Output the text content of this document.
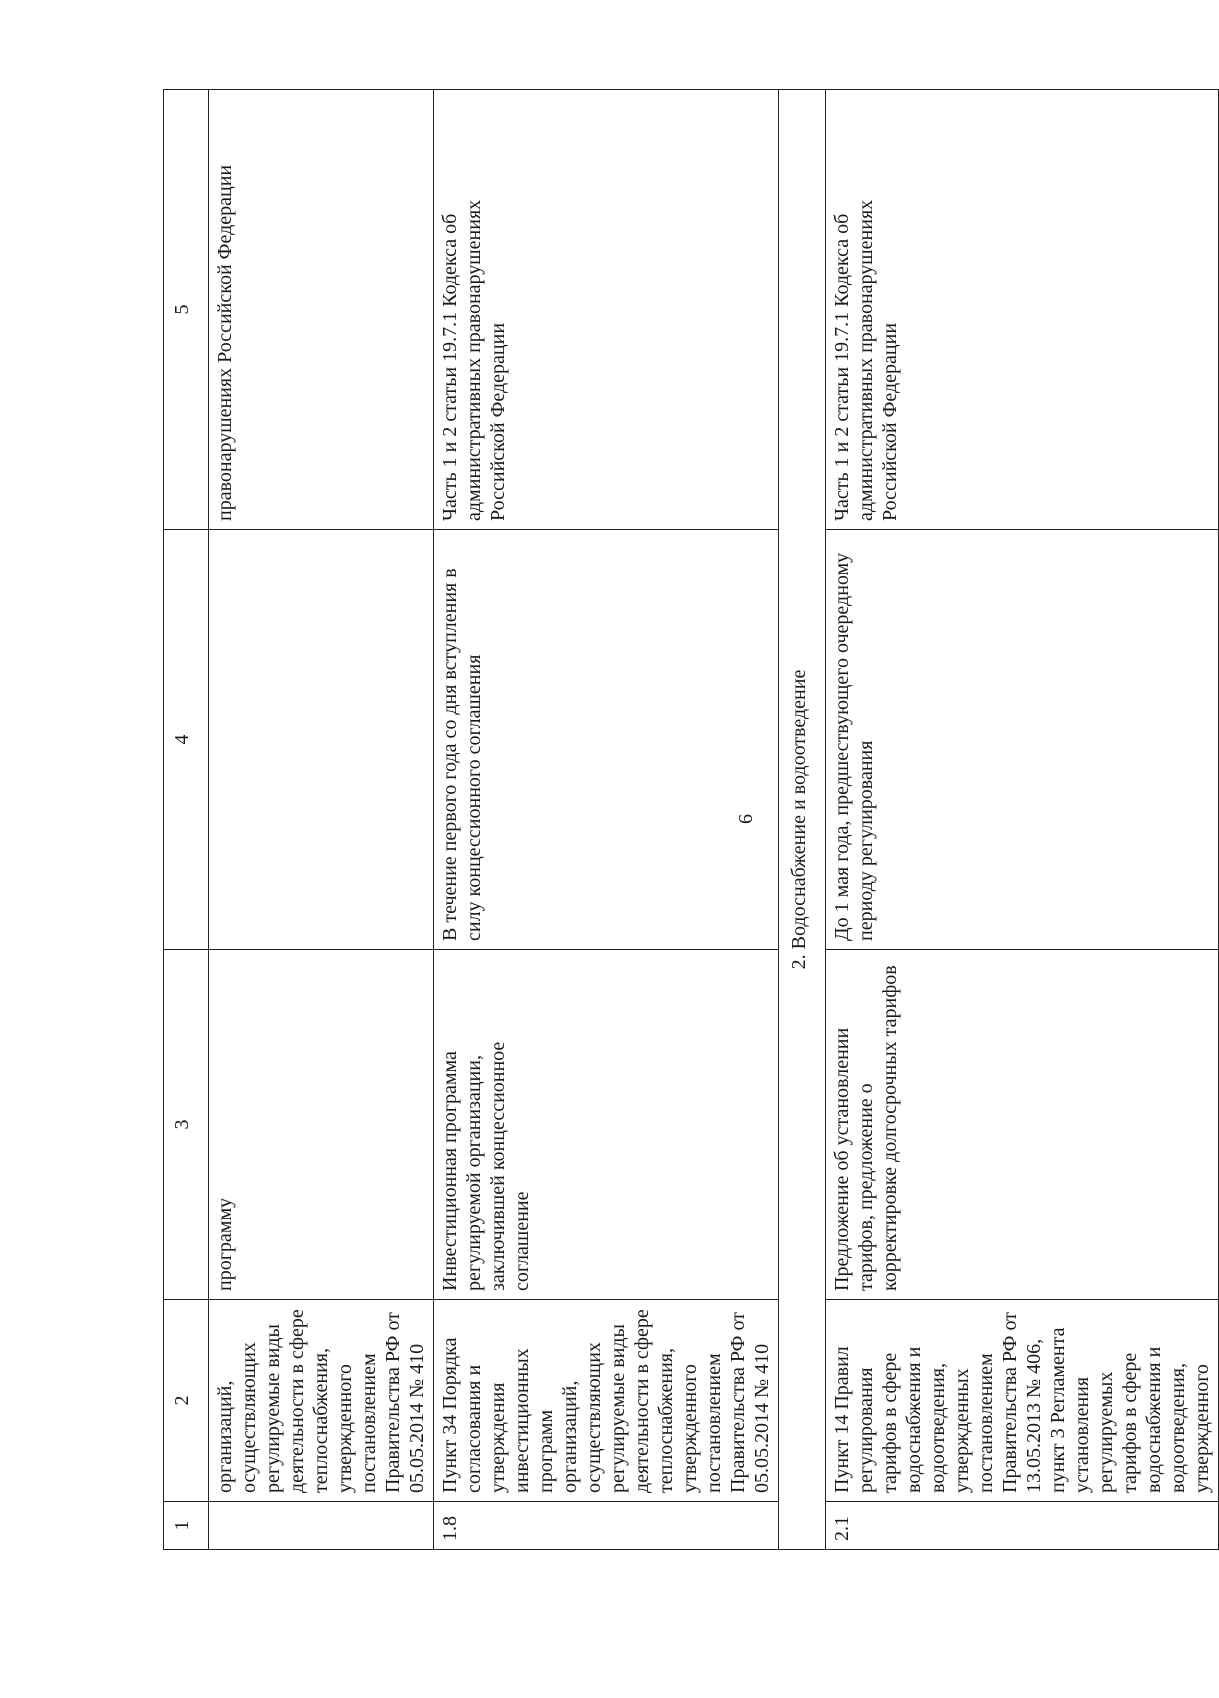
6
1	2	3	4	5
	организаций, осуществляющих регулируемые виды деятельности в сфере теплоснабжения, утвержденного постановлением Правительства РФ от 05.05.2014 № 410	программу		правонарушениях Российской Федерации
1.8	Пункт 34 Порядка согласования и утверждения инвестиционных программ организаций, осуществляющих регулируемые виды деятельности в сфере теплоснабжения, утвержденного постановлением Правительства РФ от 05.05.2014 № 410	Инвестиционная программа регулируемой организации, заключившей концессионное соглашение	В течение первого года со дня вступления в силу концессионного соглашения	Часть 1 и 2 статьи 19.7.1 Кодекса об административных правонарушениях Российской Федерации
2. Водоснабжение и водоотведение				
2.1	Пункт 14 Правил регулирования тарифов в сфере водоснабжения и водоотведения, утвержденных постановлением Правительства РФ от 13.05.2013 № 406, пункт 3 Регламента установления регулируемых тарифов в сфере водоснабжения и водоотведения, утвержденного	Предложение об установлении тарифов, предложение о корректировке долгосрочных тарифов	До 1 мая года, предшествующего очередному периоду регулирования	Часть 1 и 2 статьи 19.7.1 Кодекса об административных правонарушениях Российской Федерации
